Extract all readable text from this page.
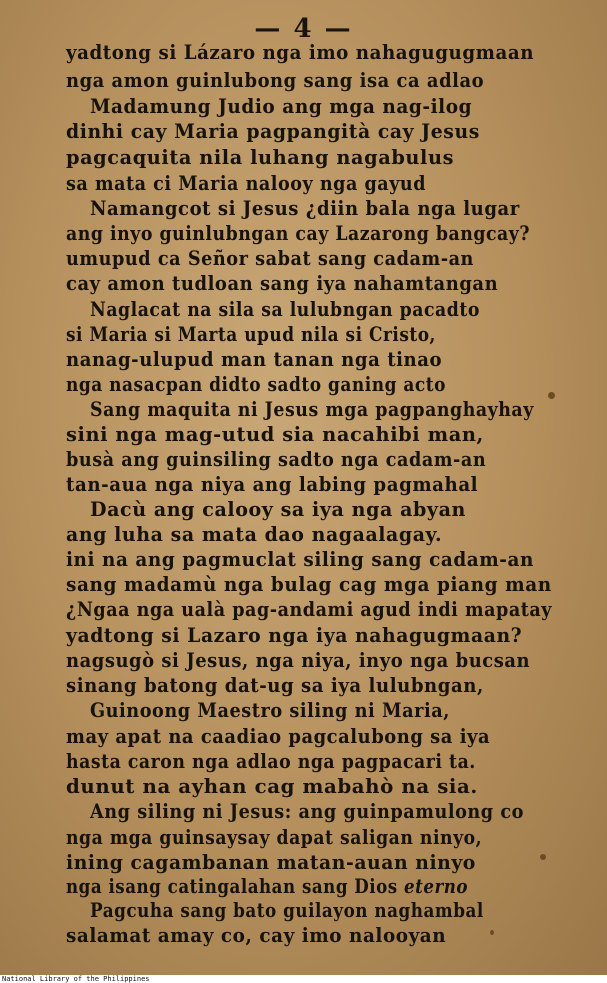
— 4 —
yadtong si Lázaro nga imo nahagugugmaan
nga amon guinlubong sang isa ca adlao
Madamung Judio ang mga nag-ilog
dinhi cay Maria pagpangità cay Jesus
pagcaquita nila luhang nagabulus
sa mata ci Maria nalooy nga gayud
Namangcot si Jesus ¿diin bala nga lugar
ang inyo guinlubngan cay Lazarong bangcay?
umupud ca Señor sabat sang cadam-an
cay amon tudloan sang iya nahamtangan
Naglacat na sila sa lulubngan pacadto
si Maria si Marta upud nila si Cristo,
nanag-ulupud man tanan nga tinao
nga nasacpan didto sadto ganing acto
Sang maquita ni Jesus mga pagpanghayhay
sini nga mag-utud sia nacahibi man,
busà ang guinsiling sadto nga cadam-an
tan-aua nga niya ang labing pagmahal
Dacù ang calooy sa iya nga abyan
ang luha sa mata dao nagaalagay.
ini na ang pagmuclat siling sang cadam-an
sang madamù nga bulag cag mga piang man
¿Ngaa nga ualà pag-andami agud indi mapatay
yadtong si Lazaro nga iya nahagugmaan?
nagsugò si Jesus, nga niya, inyo nga bucsan
sinang batong dat-ug sa iya lulubngan,
Guinoong Maestro siling ni Maria,
may apat na caadiao pagcalubong sa iya
hasta caron nga adlao nga pagpacari ta.
dunut na ayhan cag mabahò na sia.
Ang siling ni Jesus: ang guinpamulong co
nga mga guinsaysay dapat saligan ninyo,
ining cagambanan matan-auan ninyo
nga isang catingalahan sang Dios eterno
Pagcuha sang bato guilayon naghambal
salamat amay co, cay imo nalooyan
National Library of the Philippines
